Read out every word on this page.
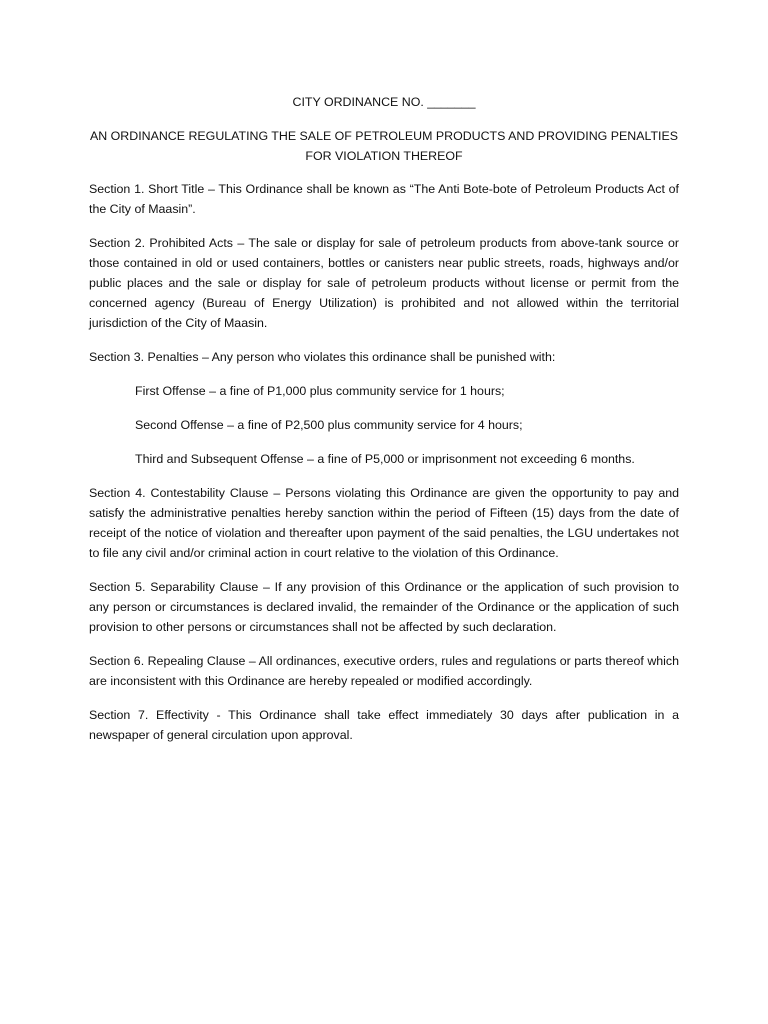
CITY ORDINANCE NO. _______

AN ORDINANCE REGULATING THE SALE OF PETROLEUM PRODUCTS AND PROVIDING PENALTIES FOR VIOLATION THEREOF

Section 1. Short Title – This Ordinance shall be known as “The Anti Bote-bote of Petroleum Products Act of the City of Maasin”.

Section 2. Prohibited Acts – The sale or display for sale of petroleum products from above-tank source or those contained in old or used containers, bottles or canisters near public streets, roads, highways and/or public places and the sale or display for sale of petroleum products without license or permit from the concerned agency (Bureau of Energy Utilization) is prohibited and not allowed within the territorial jurisdiction of the City of Maasin.

Section 3. Penalties – Any person who violates this ordinance shall be punished with:

First Offense – a fine of P1,000 plus community service for 1 hours;

Second Offense – a fine of P2,500 plus community service for 4 hours;

Third and Subsequent Offense – a fine of P5,000 or imprisonment not exceeding 6 months.

Section 4. Contestability Clause – Persons violating this Ordinance are given the opportunity to pay and satisfy the administrative penalties hereby sanction within the period of Fifteen (15) days from the date of receipt of the notice of violation and thereafter upon payment of the said penalties, the LGU undertakes not to file any civil and/or criminal action in court relative to the violation of this Ordinance.

Section 5. Separability Clause – If any provision of this Ordinance or the application of such provision to any person or circumstances is declared invalid, the remainder of the Ordinance or the application of such provision to other persons or circumstances shall not be affected by such declaration.

Section 6. Repealing Clause – All ordinances, executive orders, rules and regulations or parts thereof which are inconsistent with this Ordinance are hereby repealed or modified accordingly.

Section 7. Effectivity - This Ordinance shall take effect immediately 30 days after publication in a newspaper of general circulation upon approval.
